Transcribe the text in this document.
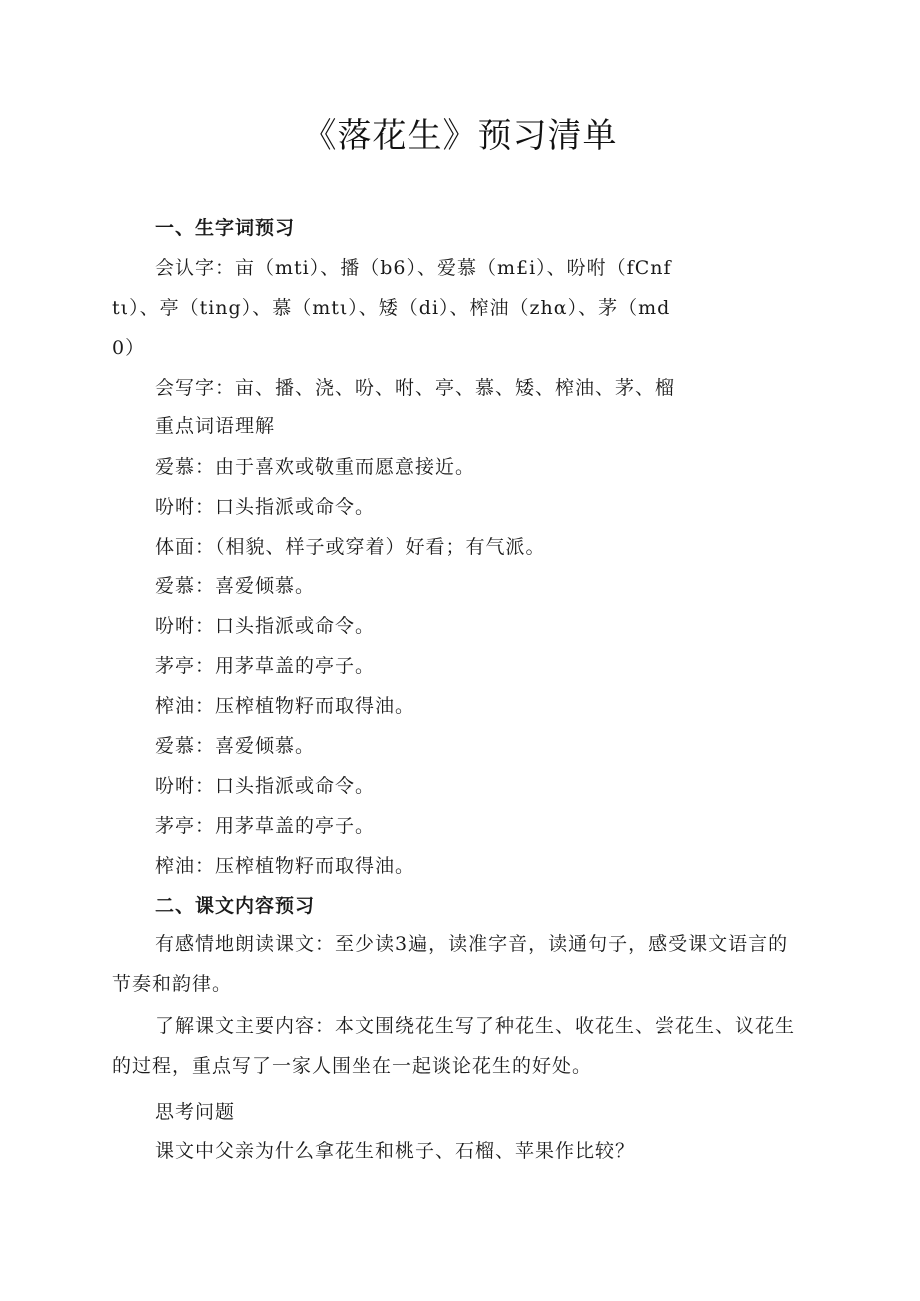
《落花生》预习清单
一、生字词预习
会认字：亩（mti）、播（b6）、爱慕（m£i）、吩咐（fCnf
tι）、亭（ting）、慕（mtι）、矮（di）、榨油（zhα）、茅（md
0）
会写字：亩、播、浇、吩、咐、亭、慕、矮、榨油、茅、榴
重点词语理解
爱慕：由于喜欢或敬重而愿意接近。
吩咐：口头指派或命令。
体面：（相貌、样子或穿着）好看；有气派。
爱慕：喜爱倾慕。
吩咐：口头指派或命令。
茅亭：用茅草盖的亭子。
榨油：压榨植物籽而取得油。
爱慕：喜爱倾慕。
吩咐：口头指派或命令。
茅亭：用茅草盖的亭子。
榨油：压榨植物籽而取得油。
二、课文内容预习
有感情地朗读课文：至少读3遍，读准字音，读通句子，感受课文语言的
节奏和韵律。
了解课文主要内容：本文围绕花生写了种花生、收花生、尝花生、议花生
的过程，重点写了一家人围坐在一起谈论花生的好处。
思考问题
课文中父亲为什么拿花生和桃子、石榴、苹果作比较？
